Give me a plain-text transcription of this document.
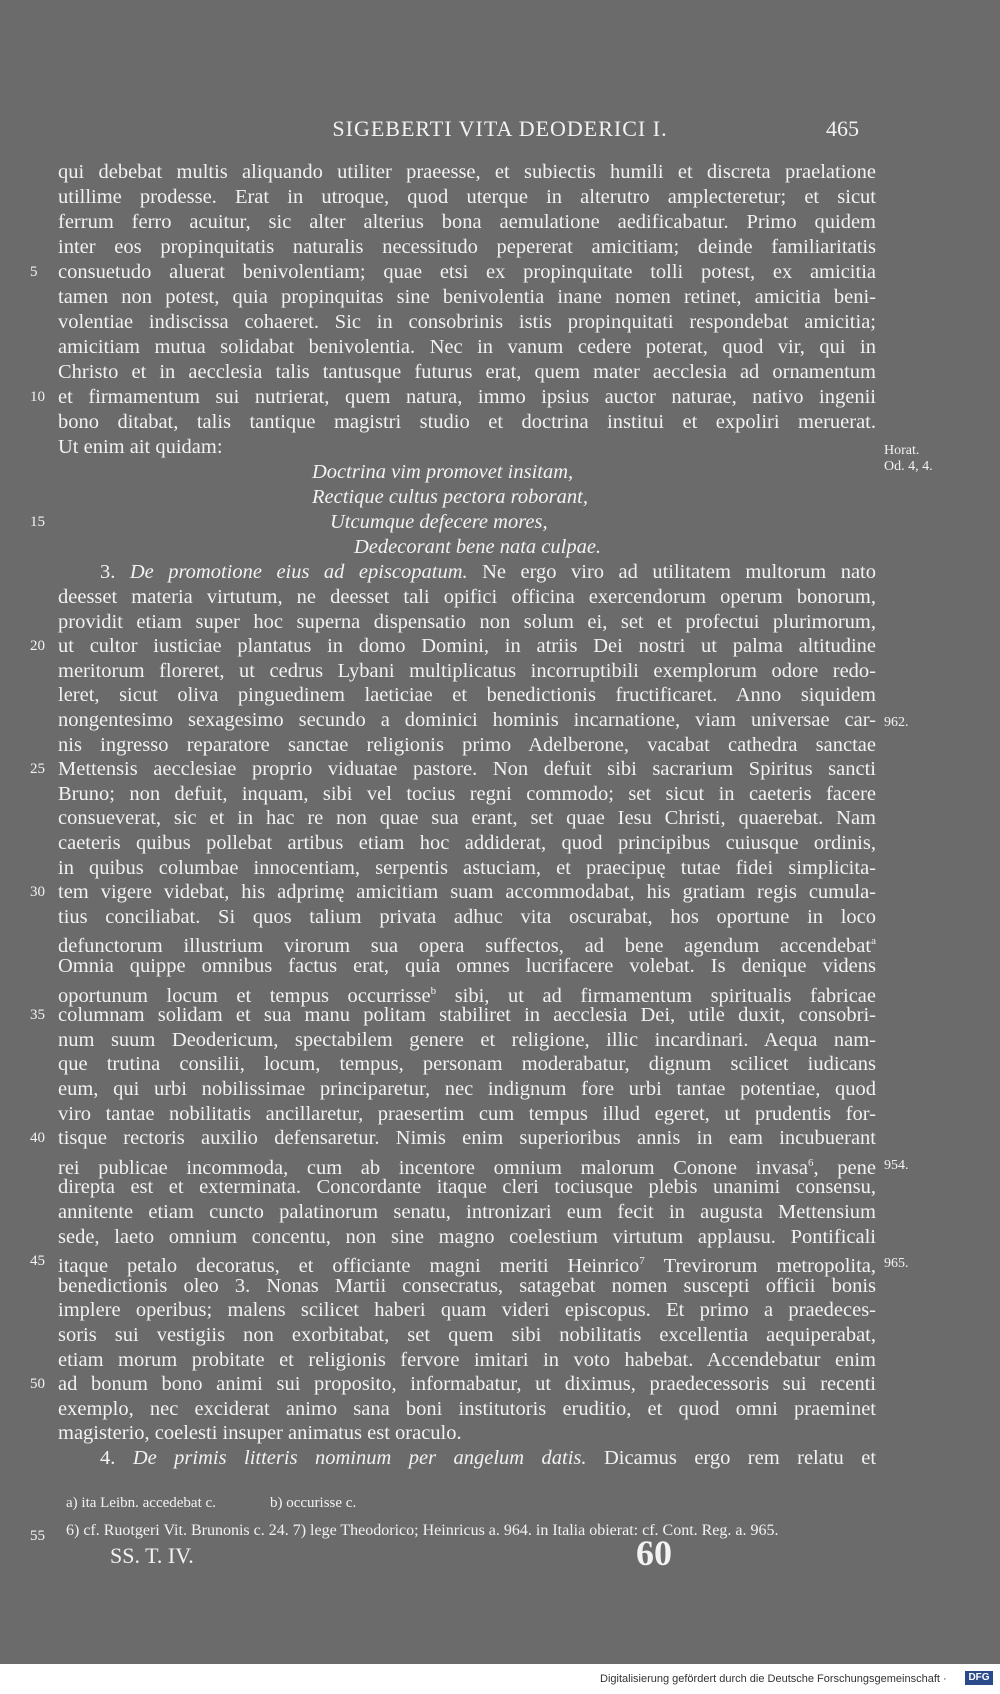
SIGEBERTI VITA DEODERICI I.	465
qui debebat multis aliquando utiliter praeesse, et subiectis humili et discreta praelatione
utillime prodesse. Erat in utroque, quod uterque in alterutro amplecteretur; et sicut
ferrum ferro acuitur, sic alter alterius bona aemulatione aedificabatur. Primo quidem
inter eos propinquitatis naturalis necessitudo pepererat amicitiam; deinde familiaritatis
consuetudo aluerat benivolentiam; quae etsi ex propinquitate tolli potest, ex amicitia
tamen non potest, quia propinquitas sine benivolentia inane nomen retinet, amicitia beni-
volentiae indiscissa cohaeret. Sic in consobrinis istis propinquitati respondebat amicitia;
amicitiam mutua solidabat benivolentia. Nec in vanum cedere poterat, quod vir, qui in
Christo et in aecclesia talis tantusque futurus erat, quem mater aecclesia ad ornamentum
et firmamentum sui nutrierat, quem natura, immo ipsius auctor naturae, nativo ingenii
bono ditabat, talis tantique magistri studio et doctrina institui et expoliri meruerat.
Ut enim ait quidam:
Doctrina vim promovet insitam,
Rectique cultus pectora roborant,
Utcumque defecere mores,
Dedecorant bene nata culpae.
3. De promotione eius ad episcopatum. Ne ergo viro ad utilitatem multorum nato
deesset materia virtutum, ne deesset tali opifici officina exercendorum operum bonorum,
providit etiam super hoc superna dispensatio non solum ei, set et profectui plurimorum,
ut cultor iusticiae plantatus in domo Domini, in atriis Dei nostri ut palma altitudine
meritorum floreret, ut cedrus Lybani multiplicatus incorruptibili exemplorum odore redo-
leret, sicut oliva pinguedinem laeticiae et benedictionis fructificaret. Anno siquidem
nongentesimo sexagesimo secundo a dominici hominis incarnatione, viam universae car-
nis ingresso reparatore sanctae religionis primo Adelberone, vacabat cathedra sanctae
Mettensis aecclesiae proprio viduatae pastore. Non defuit sibi sacrarium Spiritus sancti
Bruno; non defuit, inquam, sibi vel tocius regni commodo; set sicut in caeteris facere
consueverat, sic et in hac re non quae sua erant, set quae Iesu Christi, quaerebat. Nam
caeteris quibus pollebat artibus etiam hoc addiderat, quod principibus cuiusque ordinis,
in quibus columbae innocentiam, serpentis astuciam, et praecipuę tutae fidei simplicita-
tem vigere videbat, his adprimę amicitiam suam accommodabat, his gratiam regis cumula-
tius conciliabat. Si quos talium privata adhuc vita oscurabat, hos oportune in loco
defunctorum illustrium virorum sua opera suffectos, ad bene agendum accendebat$^a$
Omnia quippe omnibus factus erat, quia omnes lucrifacere volebat. Is denique videns
oportunum locum et tempus occurrisse$^b$ sibi, ut ad firmamentum spiritualis fabricae
columnam solidam et sua manu politam stabiliret in aecclesia Dei, utile duxit, consobri-
num suum Deodericum, spectabilem genere et religione, illic incardinari. Aequa nam-
que trutina consilii, locum, tempus, personam moderabatur, dignum scilicet iudicans
eum, qui urbi nobilissimae principaretur, nec indignum fore urbi tantae potentiae, quod
viro tantae nobilitatis ancillaretur, praesertim cum tempus illud egeret, ut prudentis for-
tisque rectoris auxilio defensaretur. Nimis enim superioribus annis in eam incubuerant
rei publicae incommoda, cum ab incentore omnium malorum Conone invasa$^6$, pene
direpta est et exterminata. Concordante itaque cleri tociusque plebis unanimi consensu,
annitente etiam cuncto palatinorum senatu, intronizari eum fecit in augusta Mettensium
sede, laeto omnium concentu, non sine magno coelestium virtutum applausu. Pontificali
itaque petalo decoratus, et officiante magni meriti Heinrico$^7$ Trevirorum metropolita,
benedictionis oleo 3. Nonas Martii consecratus, satagebat nomen suscepti officii bonis
implere operibus; malens scilicet haberi quam videri episcopus. Et primo a praedeces-
soris sui vestigiis non exorbitabat, set quem sibi nobilitatis excellentia aequiperabat,
etiam morum probitate et religionis fervore imitari in voto habebat. Accendebatur enim
ad bonum bono animi sui proposito, informabatur, ut diximus, praedecessoris sui recenti
exemplo, nec exciderat animo sana boni institutoris eruditio, et quod omni praeminet
magisterio, coelesti insuper animatus est oraculo.
4. De primis litteris nominum per angelum datis. Dicamus ergo rem relatu et
5
10
15
20
25
30
35
40
45
50
55
Horat.
Od. 4, 4.
962.
954.
965.
a) ita Leibn. accedebat c.	b) occurisse c.
6) cf. Ruotgeri Vit. Brunonis c. 24. 7) lege Theodorico; Heinricus a. 964. in Italia obierat: cf. Cont. Reg. a. 965.
SS. T. IV.	60
Digitalisierung gefördert durch die Deutsche Forschungsgemeinschaft ·	DFG
